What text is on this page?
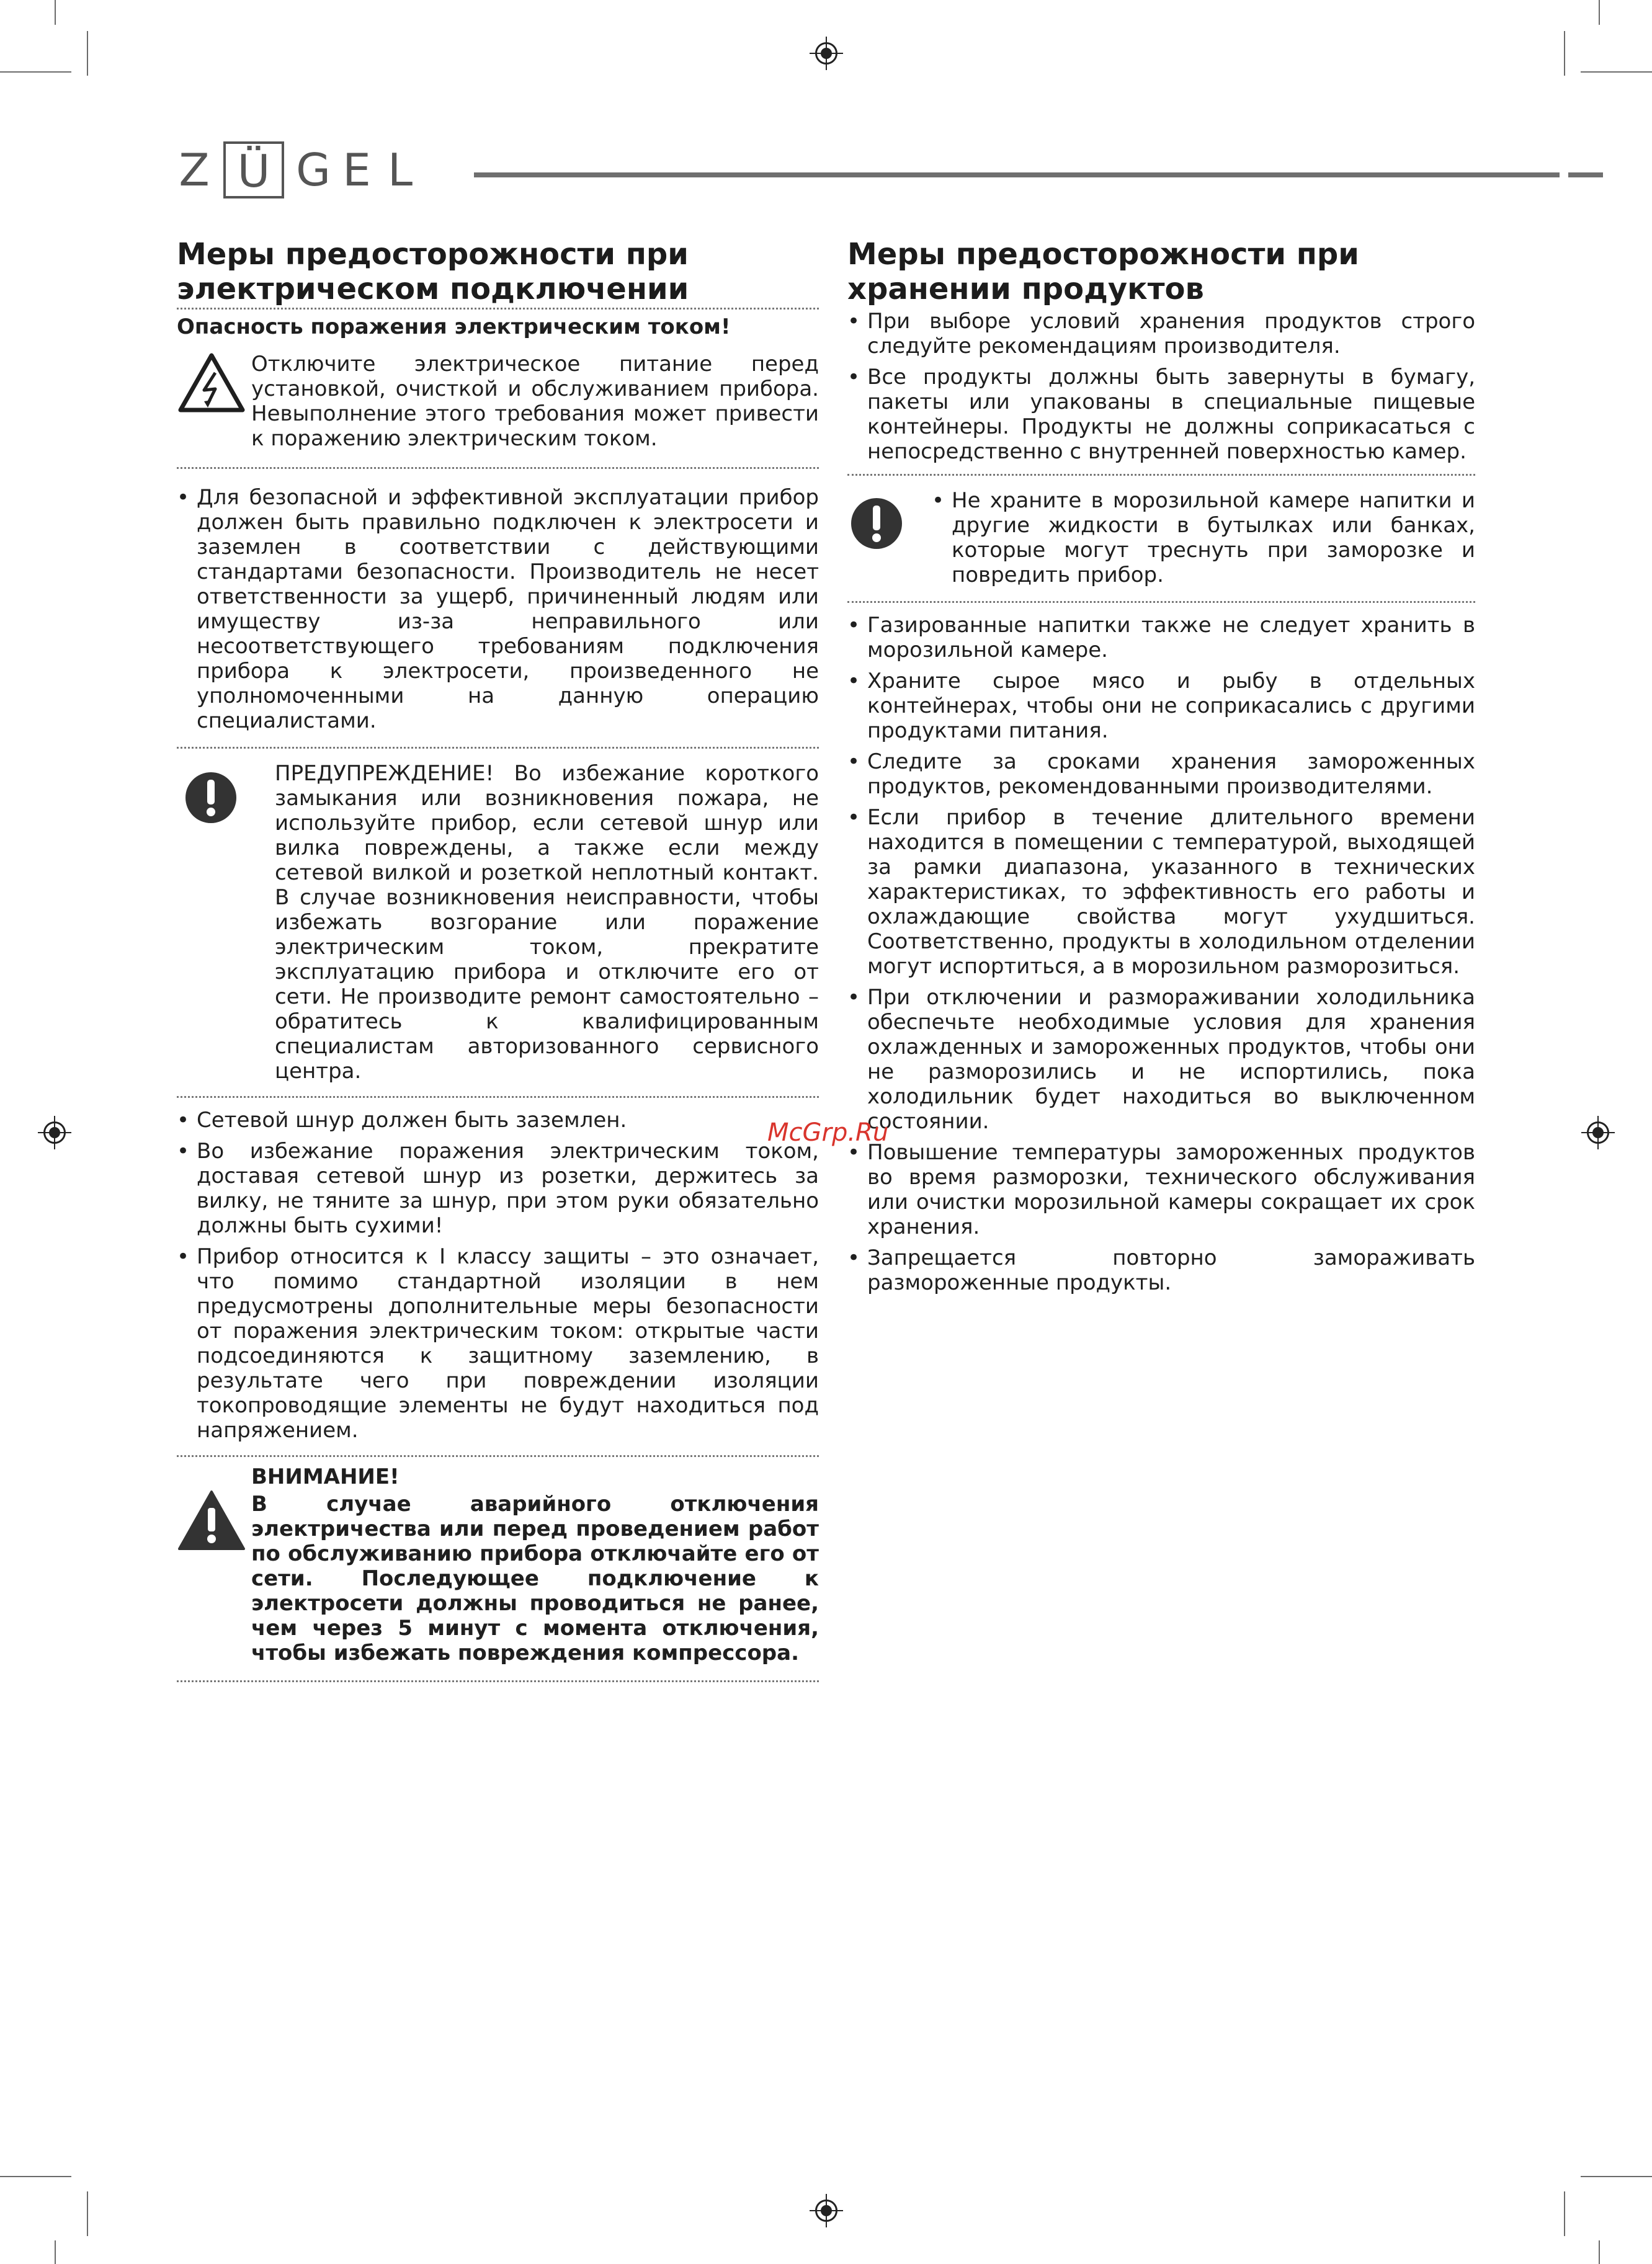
Z Ü G E L
Меры предосторожности при электрическом подключении
Опасность поражения электрическим током!

Отключите электрическое питание перед установкой, очисткой и обслуживанием прибора. Невыполнение этого требования может привести к поражению электрическим током.

• Для безопасной и эффективной эксплуатации прибор должен быть правильно подключен к электросети и заземлен в соответствии с действующими стандартами безопасности. Производитель не несет ответственности за ущерб, причиненный людям или имуществу из-за неправильного или несоответствующего требованиям подключения прибора к электросети, произведенного не уполномоченными на данную операцию специалистами.

ПРЕДУПРЕЖДЕНИЕ! Во избежание короткого замыкания или возникновения пожара, не используйте прибор, если сетевой шнур или вилка повреждены, а также если между сетевой вилкой и розеткой неплотный контакт. В случае возникновения неисправности, чтобы избежать возгорание или поражение электрическим током, прекратите эксплуатацию прибора и отключите его от сети. Не производите ремонт самостоятельно – обратитесь к квалифицированным специалистам авторизованного сервисного центра.

• Сетевой шнур должен быть заземлен.
• Во избежание поражения электрическим током, доставая сетевой шнур из розетки, держитесь за вилку, не тяните за шнур, при этом руки обязательно должны быть сухими!
• Прибор относится к I классу защиты – это означает, что помимо стандартной изоляции в нем предусмотрены дополнительные меры безопасности от поражения электрическим током: открытые части подсоединяются к защитному заземлению, в результате чего при повреждении изоляции токопроводящие элементы не будут находиться под напряжением.

ВНИМАНИЕ!

В случае аварийного отключения электричества или перед проведением работ по обслуживанию прибора отключайте его от сети. Последующее подключение к электросети должны проводиться не ранее, чем через 5 минут с момента отключения, чтобы избежать повреждения компрессора.

Меры предосторожности при хранении продуктов
• При выборе условий хранения продуктов строго следуйте рекомендациям производителя.
• Все продукты должны быть завернуты в бумагу, пакеты или упакованы в специальные пищевые контейнеры. Продукты не должны соприкасаться с непосредственно с внутренней поверхностью камер.
• Не храните в морозильной камере напитки и другие жидкости в бутылках или банках, которые могут треснуть при заморозке и повредить прибор.
• Газированные напитки также не следует хранить в морозильной камере.
• Храните сырое мясо и рыбу в отдельных контейнерах, чтобы они не соприкасались с другими продуктами питания.
• Следите за сроками хранения замороженных продуктов, рекомендованными производителями.
• Если прибор в течение длительного времени находится в помещении с температурой, выходящей за рамки диапазона, указанного в технических характеристиках, то эффективность его работы и охлаждающие свойства могут ухудшиться. Соответственно, продукты в холодильном отделении могут испортиться, а в морозильном разморозиться.
• При отключении и размораживании холодильника обеспечьте необходимые условия для хранения охлажденных и замороженных продуктов, чтобы они не разморозились и не испортились, пока холодильник будет находиться во выключенном состоянии.
• Повышение температуры замороженных продуктов во время разморозки, технического обслуживания или очистки морозильной камеры сокращает их срок хранения.
• Запрещается повторно замораживать размороженные продукты.
McGrp.Ru
